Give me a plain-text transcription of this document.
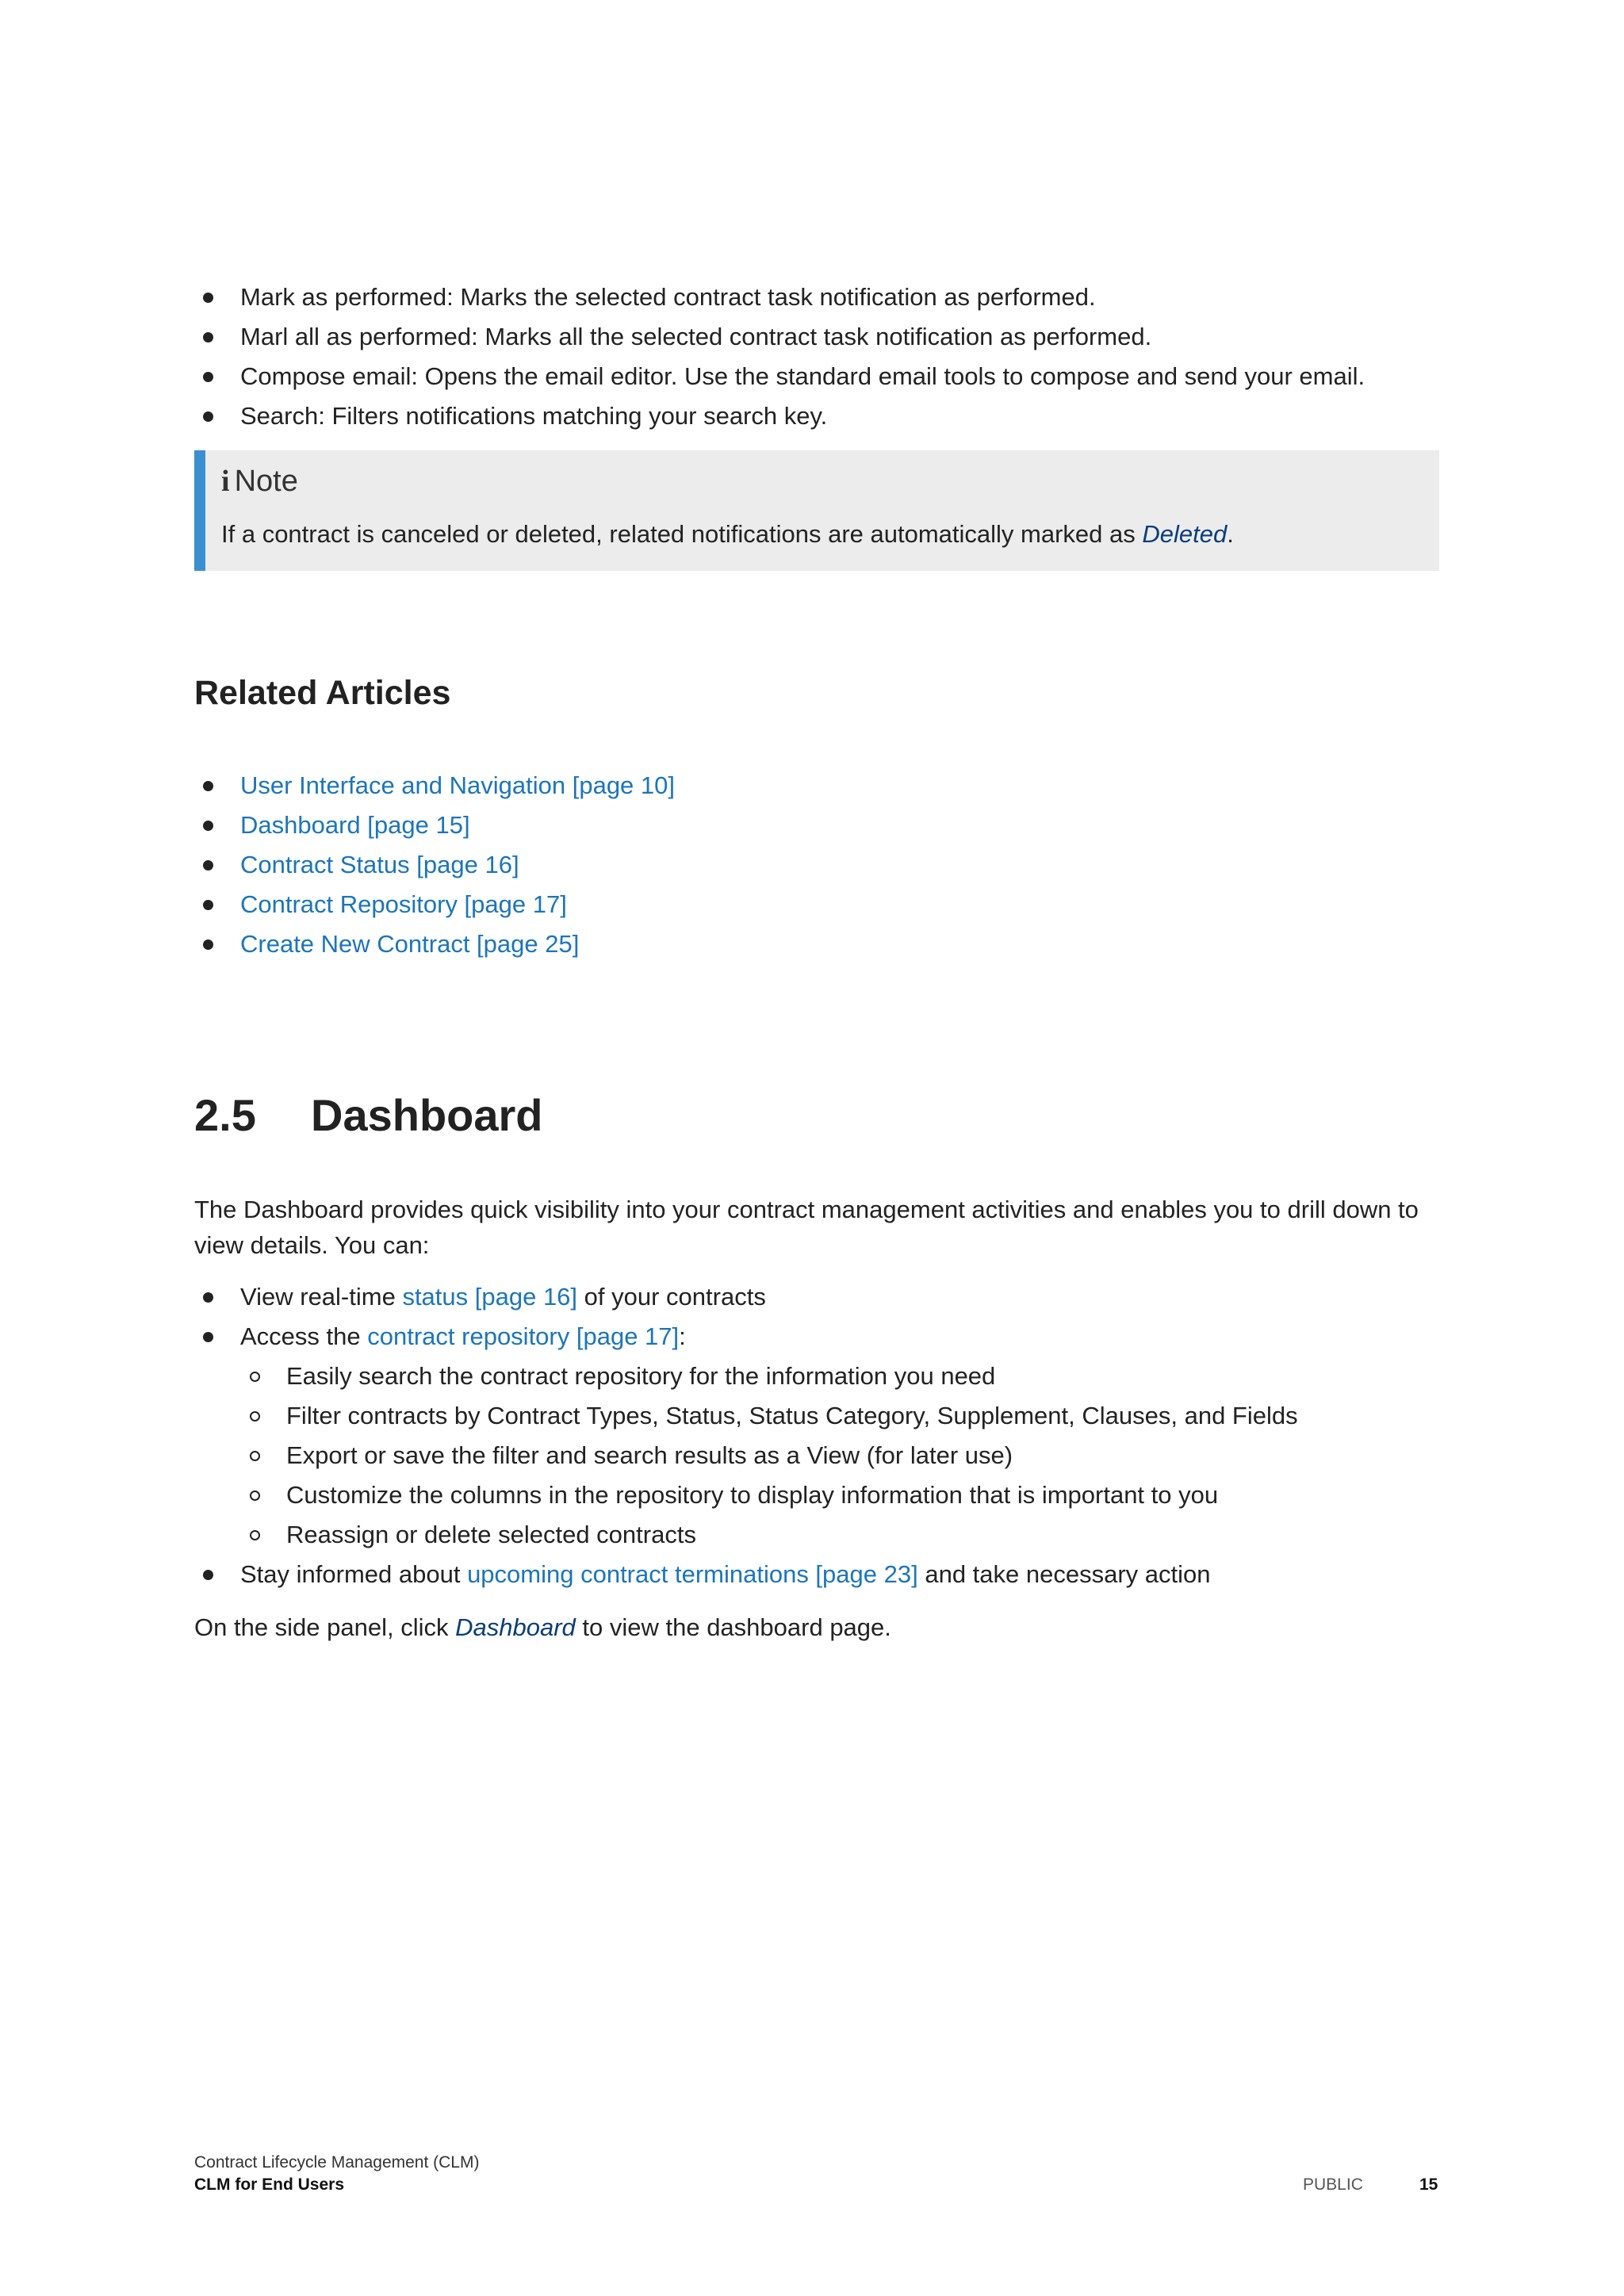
Mark as performed: Marks the selected contract task notification as performed.
Marl all as performed: Marks all the selected contract task notification as performed.
Compose email: Opens the email editor. Use the standard email tools to compose and send your email.
Search: Filters notifications matching your search key.
i Note
If a contract is canceled or deleted, related notifications are automatically marked as Deleted.
Related Articles
User Interface and Navigation [page 10]
Dashboard [page 15]
Contract Status [page 16]
Contract Repository [page 17]
Create New Contract [page 25]
2.5 Dashboard

The Dashboard provides quick visibility into your contract management activities and enables you to drill down to view details. You can:

View real-time status [page 16] of your contracts
Access the contract repository [page 17]:
Easily search the contract repository for the information you need
Filter contracts by Contract Types, Status, Status Category, Supplement, Clauses, and Fields
Export or save the filter and search results as a View (for later use)
Customize the columns in the repository to display information that is important to you
Reassign or delete selected contracts
Stay informed about upcoming contract terminations [page 23] and take necessary action

On the side panel, click Dashboard to view the dashboard page.

Contract Lifecycle Management (CLM)
CLM for End Users	PUBLIC	15
